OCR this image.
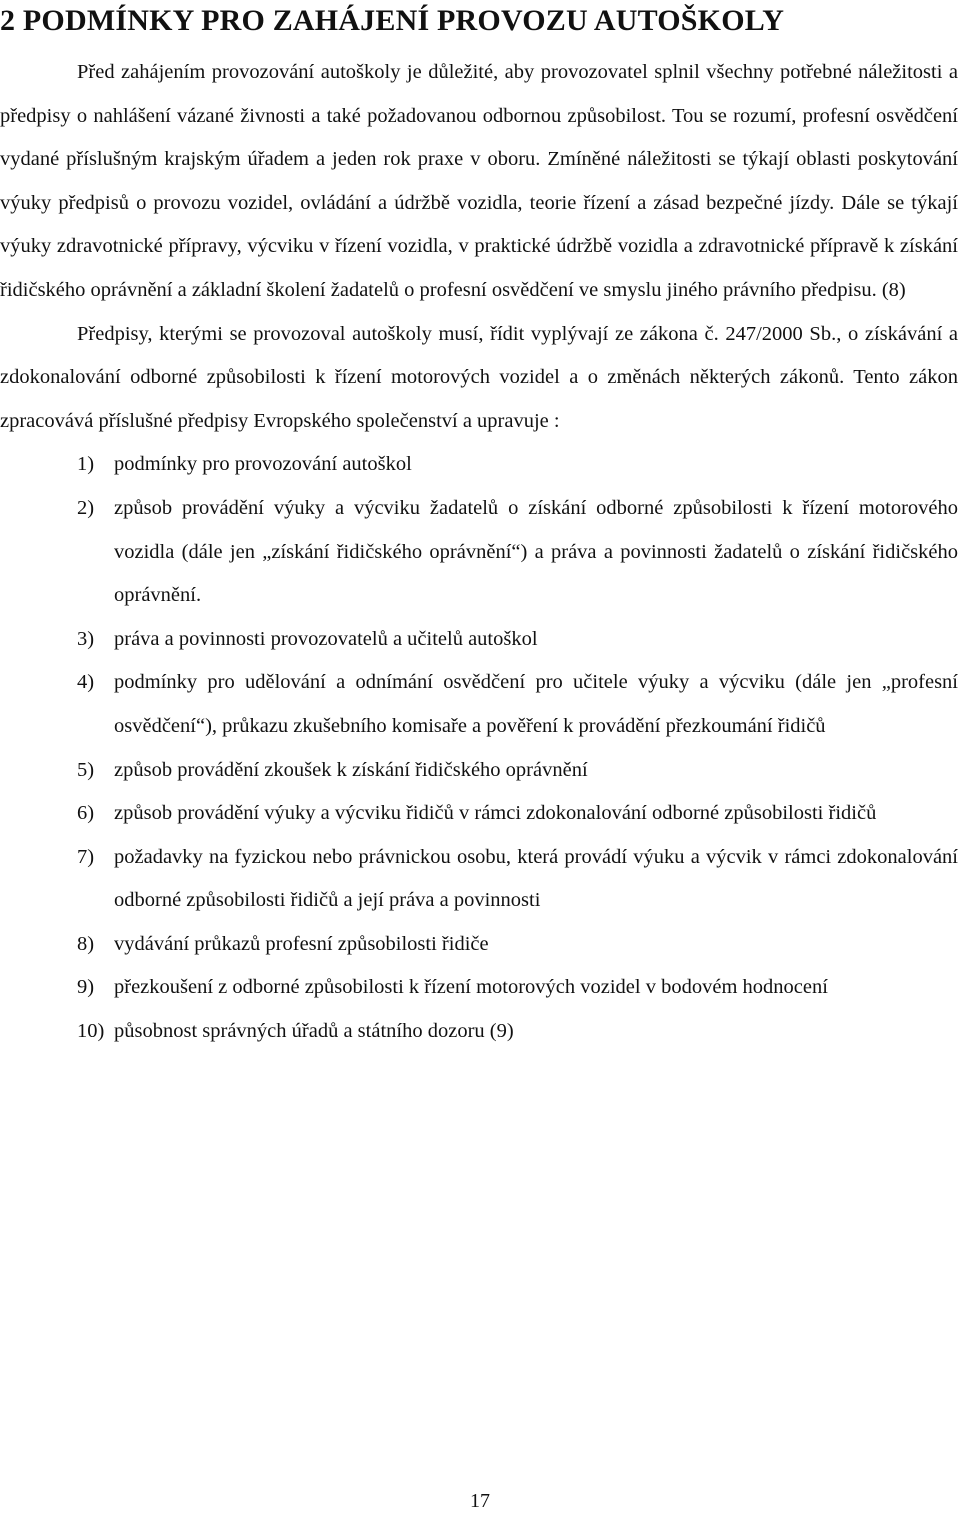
2 PODMÍNKY PRO ZAHÁJENÍ PROVOZU AUTOŠKOLY

Před zahájením provozování autoškoly je důležité, aby provozovatel splnil všechny potřebné náležitosti a předpisy o nahlášení vázané živnosti a také požadovanou odbornou způsobilost. Tou se rozumí, profesní osvědčení vydané příslušným krajským úřadem a jeden rok praxe v oboru. Zmíněné náležitosti se týkají oblasti poskytování výuky předpisů o provozu vozidel, ovládání a údržbě vozidla, teorie řízení a zásad bezpečné jízdy. Dále se týkají výuky zdravotnické přípravy, výcviku v řízení vozidla, v praktické údržbě vozidla a zdravotnické přípravě k získání řidičského oprávnění a základní školení žadatelů o profesní osvědčení ve smyslu jiného právního předpisu. (8)

Předpisy, kterými se provozoval autoškoly musí, řídit vyplývají ze zákona č. 247/2000 Sb., o získávání a zdokonalování odborné způsobilosti k řízení motorových vozidel a o změnách některých zákonů. Tento zákon zpracovává příslušné předpisy Evropského společenství a upravuje :

1) podmínky pro provozování autoškol
2) způsob provádění výuky a výcviku žadatelů o získání odborné způsobilosti k řízení motorového vozidla (dále jen „získání řidičského oprávnění“) a práva a povinnosti žadatelů o získání řidičského oprávnění.
3) práva a povinnosti provozovatelů a učitelů autoškol
4) podmínky pro udělování a odnímání osvědčení pro učitele výuky a výcviku (dále jen „profesní osvědčení“), průkazu zkušebního komisaře a pověření k provádění přezkoumání řidičů
5) způsob provádění zkoušek k získání řidičského oprávnění
6) způsob provádění výuky a výcviku řidičů v rámci zdokonalování odborné způsobilosti řidičů
7) požadavky na fyzickou nebo právnickou osobu, která provádí výuku a výcvik v rámci zdokonalování odborné způsobilosti řidičů a její práva a povinnosti
8) vydávání průkazů profesní způsobilosti řidiče
9) přezkoušení z odborné způsobilosti k řízení motorových vozidel v bodovém hodnocení
10) působnost správných úřadů a státního dozoru (9)
17
